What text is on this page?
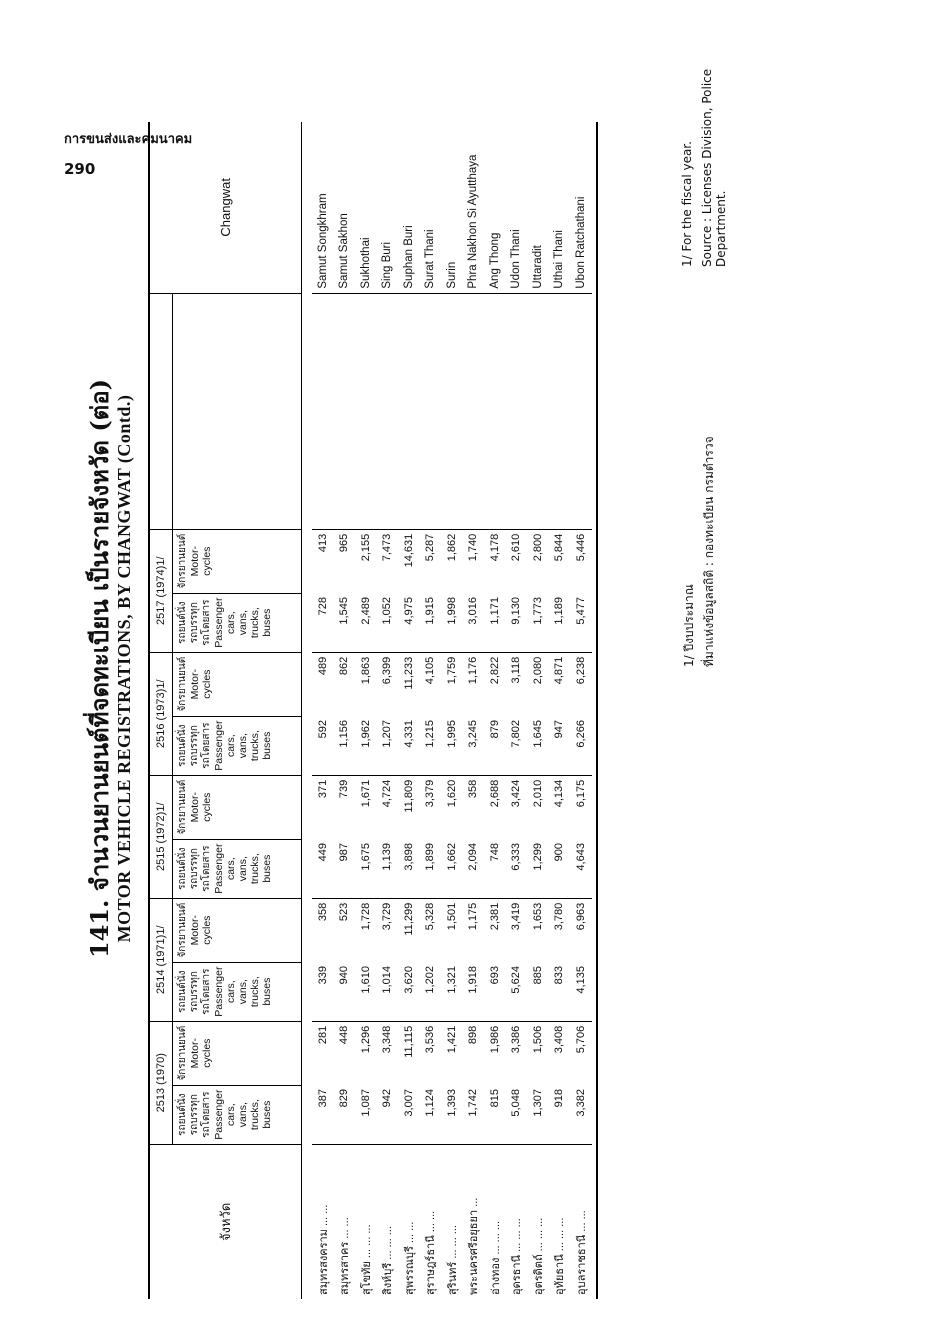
การขนส่งและคมนาคม
290
141. จำนวนยานยนต์ที่จดทะเบียน เป็นรายจังหวัด (ต่อ) MOTOR VEHICLE REGISTRATIONS, BY CHANGWAT (Contd.)
จังหวัด	2513 (1970)		2514 (1971)1/		2515 (1972)1/		2516 (1973)1/		2517 (1974)1/			Changwat

	รถยนต์นั่ง รถบรรทุก รถโดยสาร Passenger cars, vans, trucks, buses	จักรยานยนต์ Motor- cycles	รถยนต์นั่ง รถบรรทุก รถโดยสาร Passenger cars, vans, trucks, buses	จักรยานยนต์ Motor- cycles	รถยนต์นั่ง รถบรรทุก รถโดยสาร Passenger cars, vans, trucks, buses	จักรยานยนต์ Motor- cycles	รถยนต์นั่ง รถบรรทุก รถโดยสาร Passenger cars, vans, trucks, buses	จักรยานยนต์ Motor- cycles	รถยนต์นั่ง รถบรรทุก รถโดยสาร Passenger cars, vans, trucks, buses	จักรยานยนต์ Motor- cycles		

สมุทรสงคราม ... ...	387	281	339	358	449	371	592	489	728	413		Samut Songkhram
สมุทรสาคร ... ...	829	448	940	523	987	739	1,156	862	1,545	965		Samut Sakhon
สุโขทัย ... ... ...	1,087	1,296	1,610	1,728	1,675	1,671	1,962	1,863	2,489	2,155		Sukhothai
สิงห์บุรี ... ... ...	942	3,348	1,014	3,729	1,139	4,724	1,207	6,399	1,052	7,473		Sing Buri
สุพรรณบุรี ... ...	3,007	11,115	3,620	11,299	3,898	11,809	4,331	11,233	4,975	14,631		Suphan Buri
สุราษฎร์ธานี ... ...	1,124	3,536	1,202	5,328	1,899	3,379	1,215	4,105	1,915	5,287		Surat Thani
สุรินทร์ ... ... ...	1,393	1,421	1,321	1,501	1,662	1,620	1,995	1,759	1,998	1,862		Surin
พระนครศรีอยุธยา ...	1,742	898	1,918	1,175	2,094	358	3,245	1,176	3,016	1,740		Phra Nakhon Si Ayutthaya
อ่างทอง ... ... ...	815	1,986	693	2,381	748	2,688	879	2,822	1,171	4,178		Ang Thong
อุดรธานี ... ... ...	5,048	3,386	5,624	3,419	6,333	3,424	7,802	3,118	9,130	2,610		Udon Thani
อุตรดิตถ์ ... ... ...	1,307	1,506	885	1,653	1,299	2,010	1,645	2,080	1,773	2,800		Uttaradit
อุทัยธานี ... ... ...	918	3,408	833	3,780	900	4,134	947	4,871	1,189	5,844		Uthai Thani
อุบลราชธานี ... ...	3,382	5,706	4,135	6,963	4,643	6,175	6,266	6,238	5,477	5,446		Ubon Ratchathani

1/ ปีงบประมาณ ที่มาแห่งข้อมูลสถิติ : กองทะเบียน กรมตำรวจ
1/ For the fiscal year. Source : Licenses Division, Police Department.
